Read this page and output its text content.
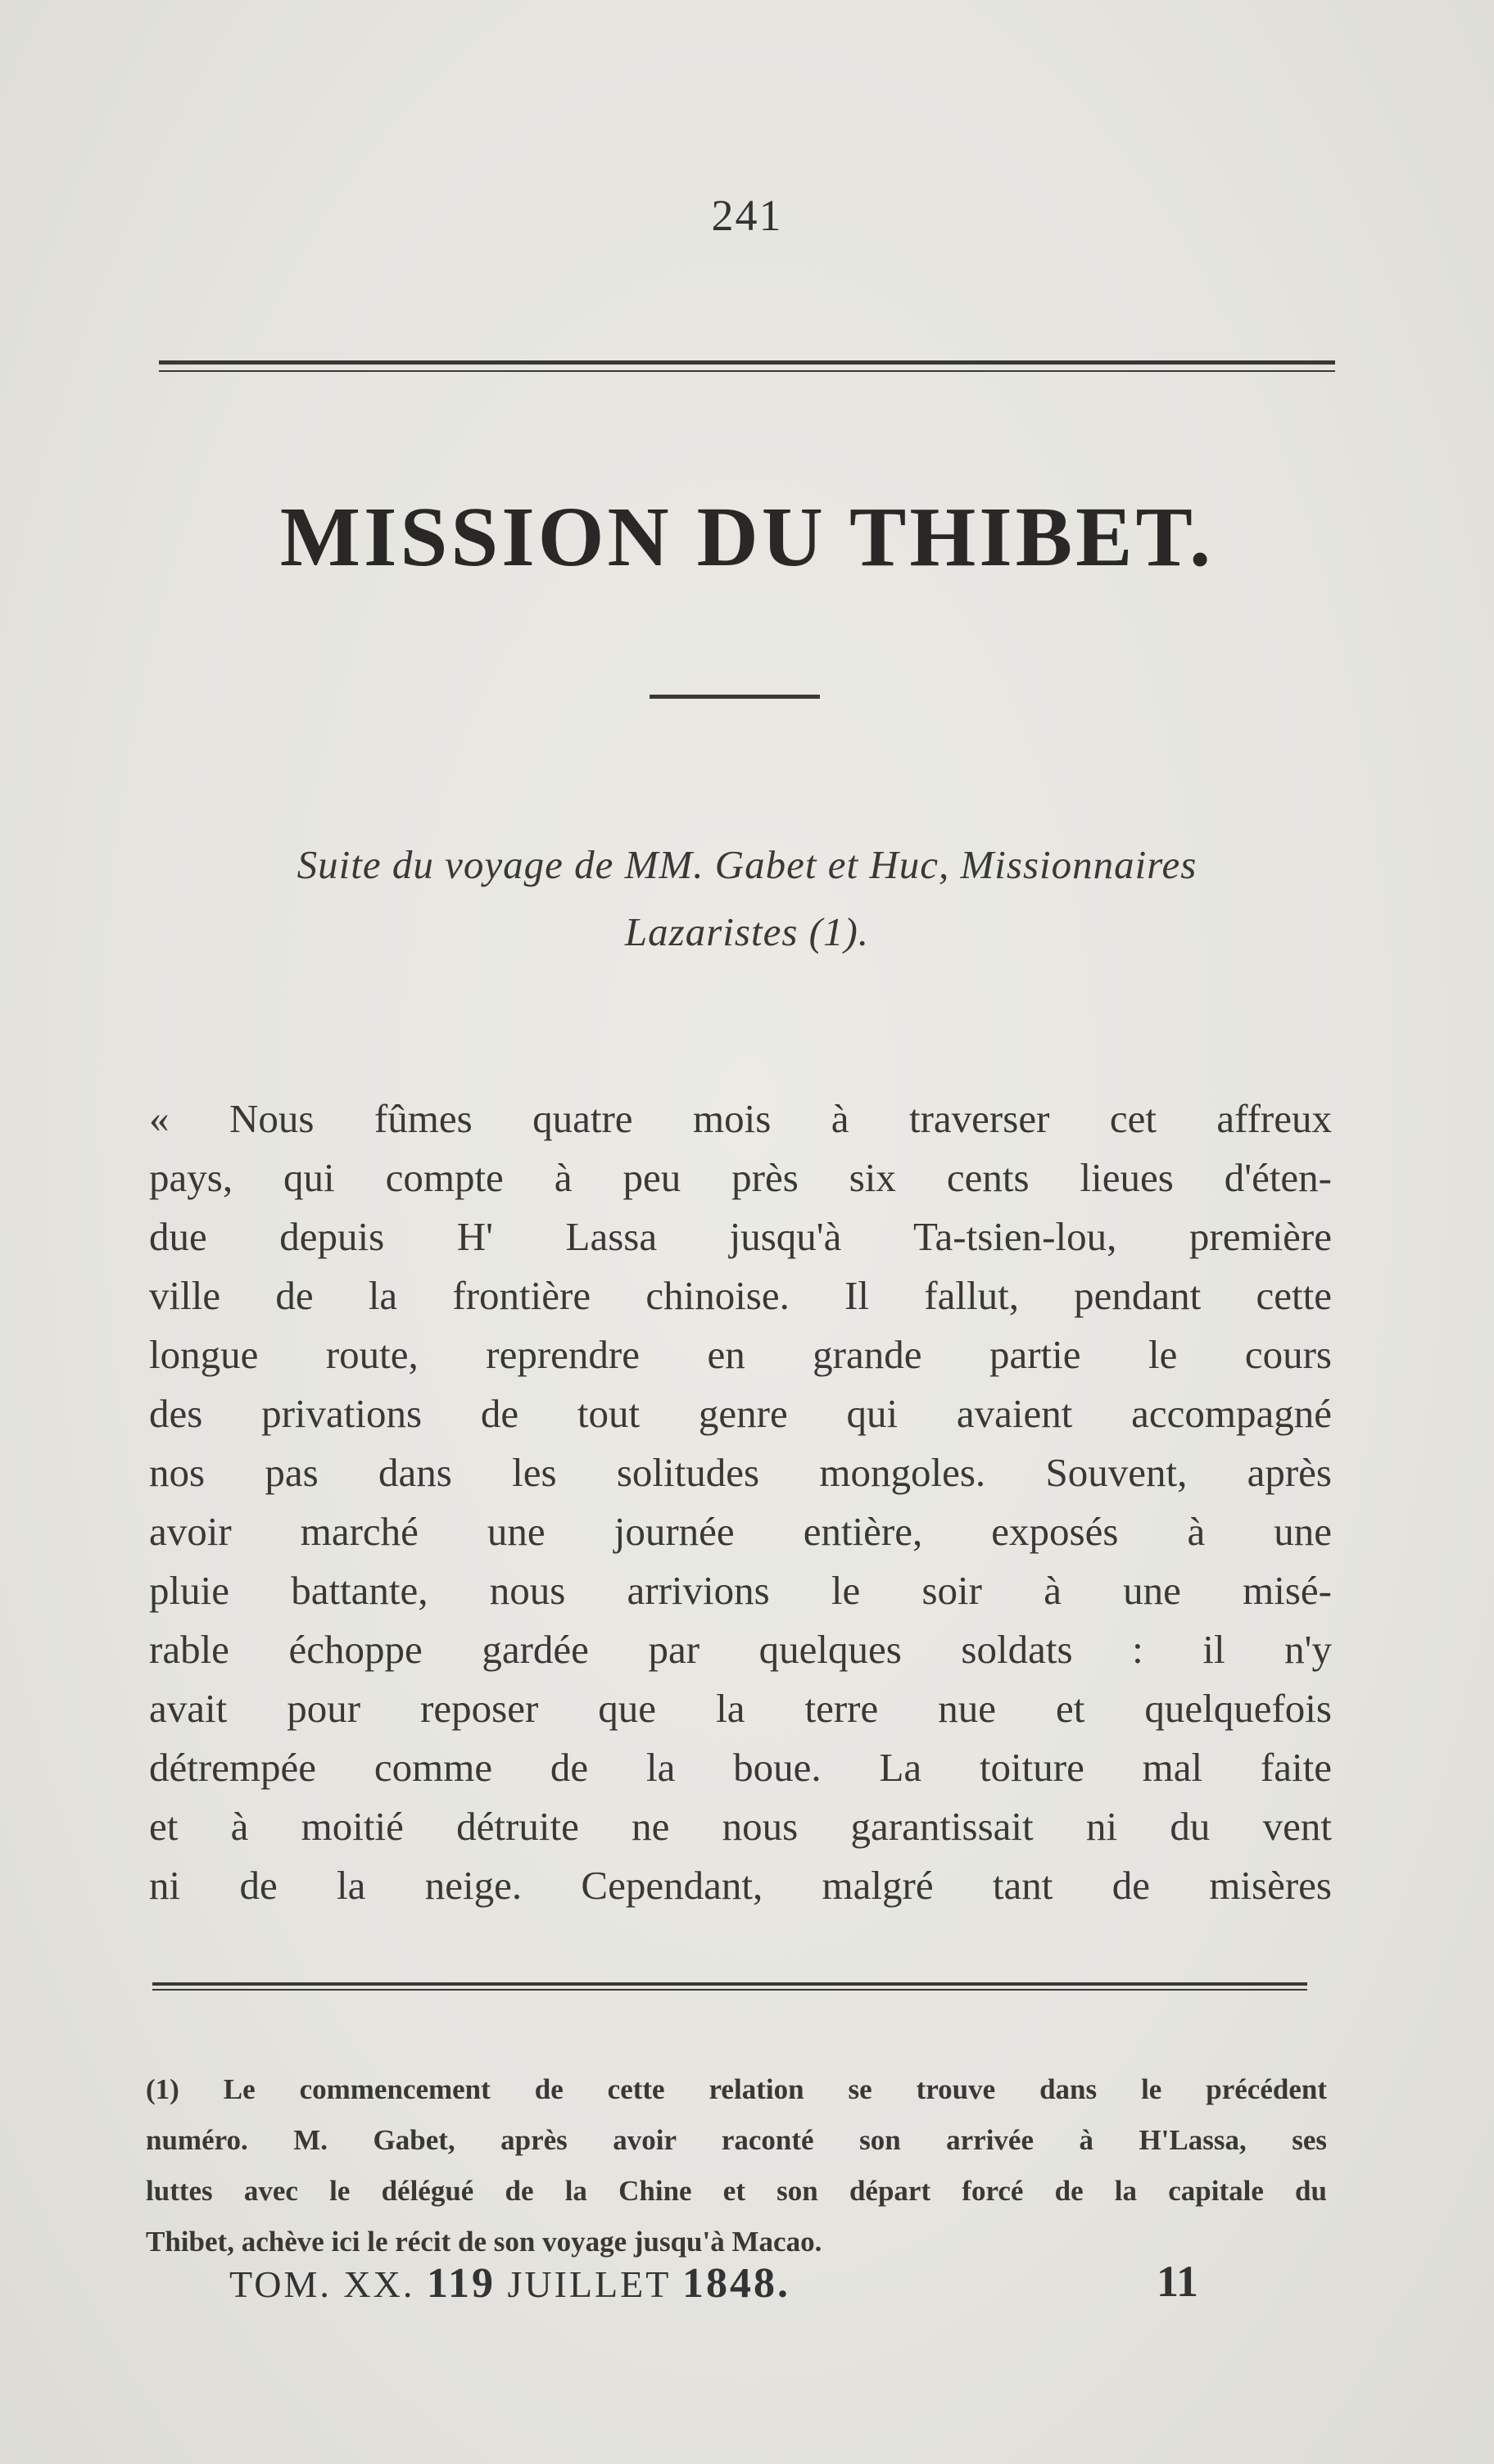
241
MISSION DU THIBET.
Suite du voyage de MM. Gabet et Huc, Missionnaires
Lazaristes (1).

« Nous fûmes quatre mois à traverser cet affreux
pays, qui compte à peu près six cents lieues d'éten-
due depuis H' Lassa jusqu'à Ta-tsien-lou, première
ville de la frontière chinoise. Il fallut, pendant cette
longue route, reprendre en grande partie le cours
des privations de tout genre qui avaient accompagné
nos pas dans les solitudes mongoles. Souvent, après
avoir marché une journée entière, exposés à une
pluie battante, nous arrivions le soir à une misé-
rable échoppe gardée par quelques soldats : il n'y
avait pour reposer que la terre nue et quelquefois
détrempée comme de la boue. La toiture mal faite
et à moitié détruite ne nous garantissait ni du vent
ni de la neige. Cependant, malgré tant de misères

(1) Le commencement de cette relation se trouve dans le précédent
numéro. M. Gabet, après avoir raconté son arrivée à H'Lassa, ses
luttes avec le délégué de la Chine et son départ forcé de la capitale du
Thibet, achève ici le récit de son voyage jusqu'à Macao.
TOM. XX. 119 JUILLET 1848.	11
